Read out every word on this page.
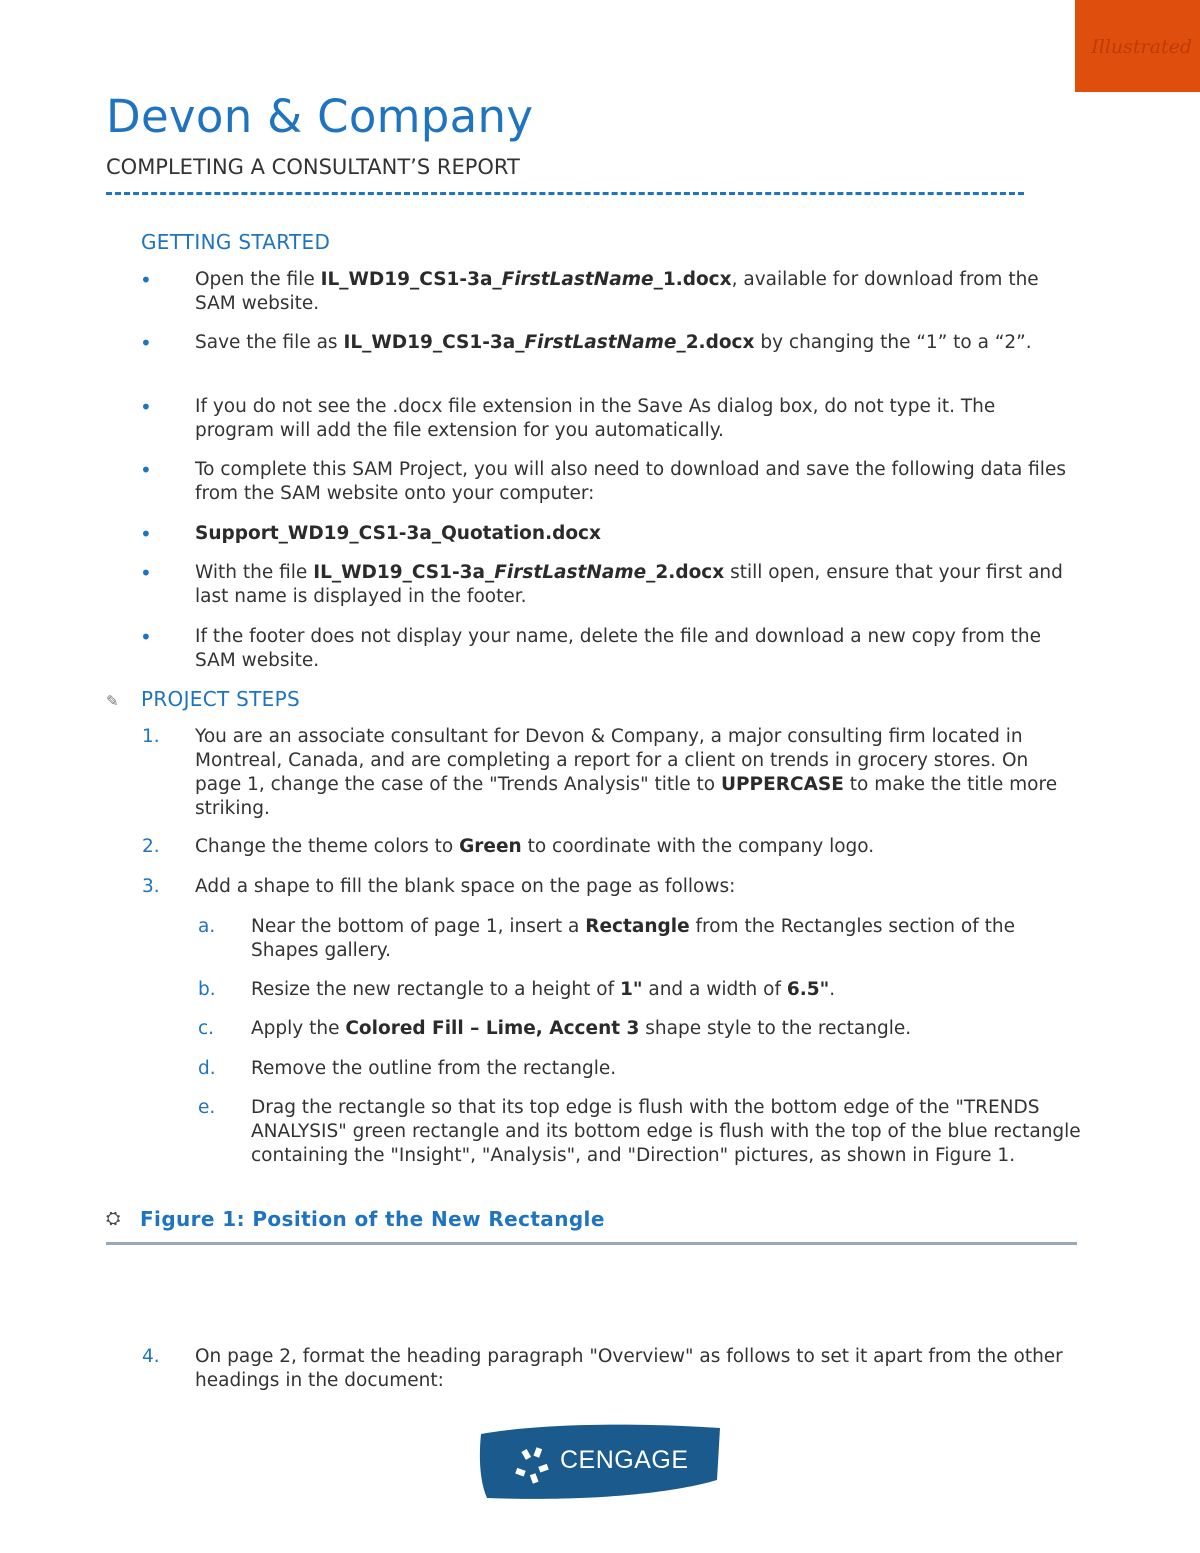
Illustrated
Devon & Company
COMPLETING A CONSULTANT’S REPORT
GETTING STARTED
• Open the file IL_WD19_CS1-3a_FirstLastName_1.docx, available for download from the SAM website.
• Save the file as IL_WD19_CS1-3a_FirstLastName_2.docx by changing the “1” to a “2”.
• If you do not see the .docx file extension in the Save As dialog box, do not type it. The program will add the file extension for you automatically.
• To complete this SAM Project, you will also need to download and save the following data files from the SAM website onto your computer:
• Support_WD19_CS1-3a_Quotation.docx
• With the file IL_WD19_CS1-3a_FirstLastName_2.docx still open, ensure that your first and last name is displayed in the footer.
• If the footer does not display your name, delete the file and download a new copy from the SAM website.
✎ PROJECT STEPS
1. You are an associate consultant for Devon & Company, a major consulting firm located in Montreal, Canada, and are completing a report for a client on trends in grocery stores. On page 1, change the case of the "Trends Analysis" title to UPPERCASE to make the title more striking.
2. Change the theme colors to Green to coordinate with the company logo.
3. Add a shape to fill the blank space on the page as follows:
a. Near the bottom of page 1, insert a Rectangle from the Rectangles section of the Shapes gallery.
b. Resize the new rectangle to a height of 1" and a width of 6.5".
c. Apply the Colored Fill – Lime, Accent 3 shape style to the rectangle.
d. Remove the outline from the rectangle.
e. Drag the rectangle so that its top edge is flush with the bottom edge of the "TRENDS ANALYSIS" green rectangle and its bottom edge is flush with the top of the blue rectangle containing the "Insight", "Analysis", and "Direction" pictures, as shown in Figure 1.
⛭ Figure 1: Position of the New Rectangle
4. On page 2, format the heading paragraph "Overview" as follows to set it apart from the other headings in the document:
CENGAGE
